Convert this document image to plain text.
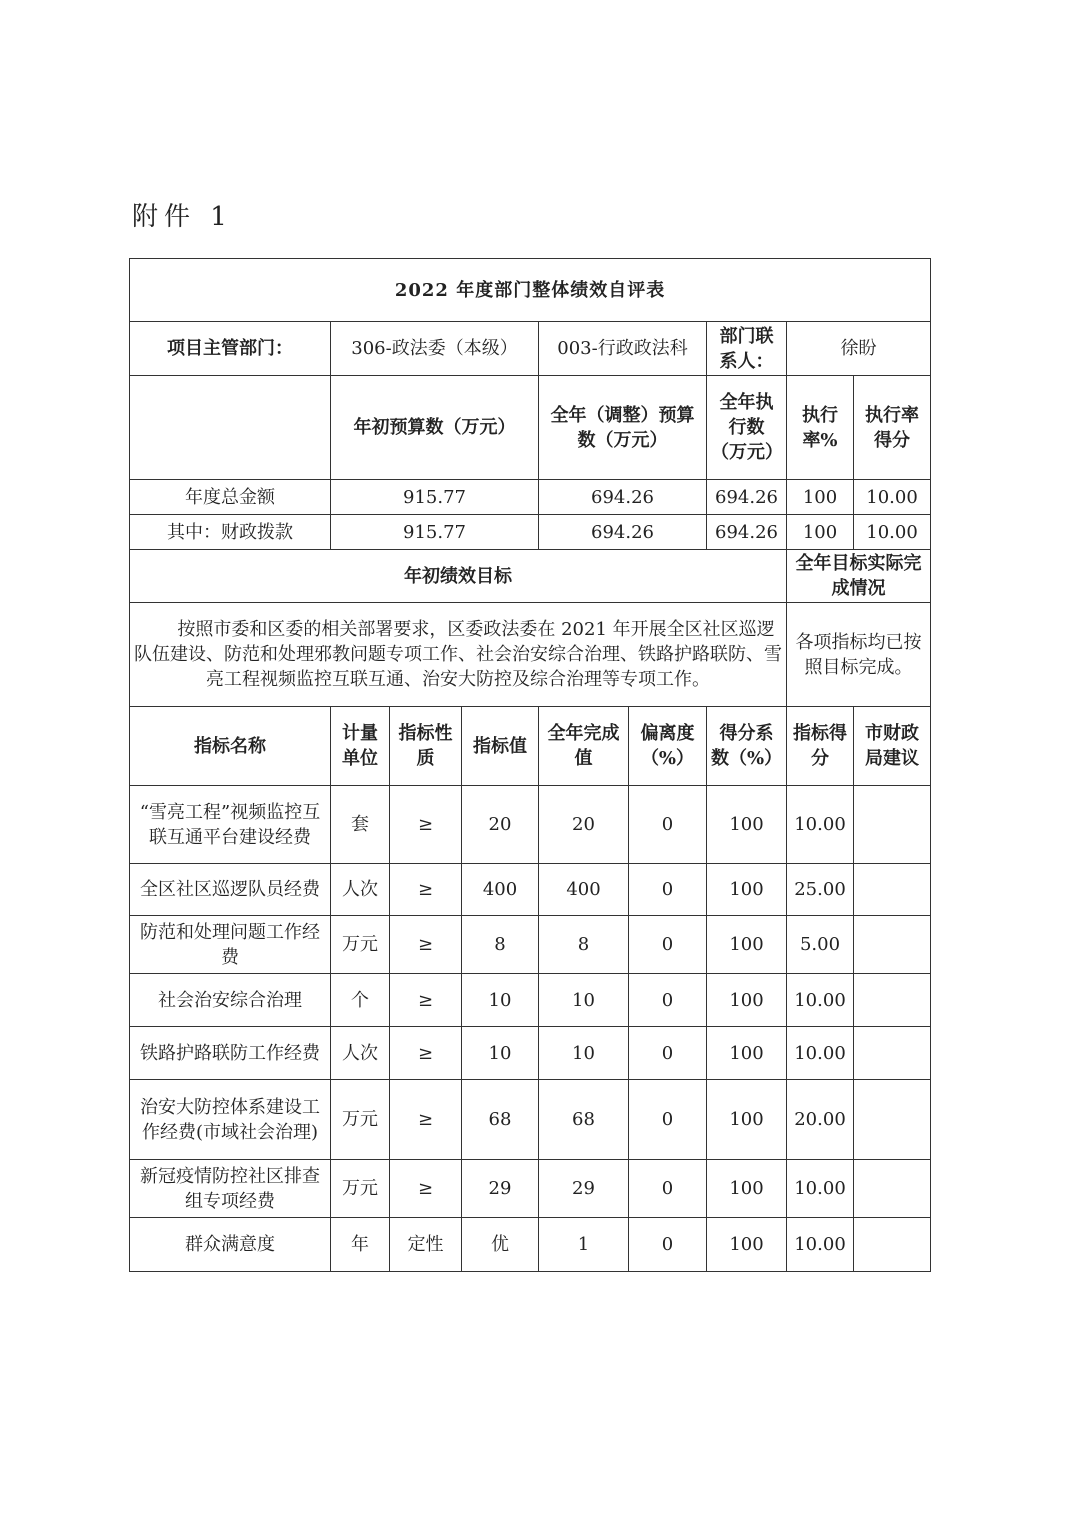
附件 1
2022 年度部门整体绩效自评表								
项目主管部门：	306-政法委（本级）			003-行政政法科		部门联系人：	徐盼	
	年初预算数（万元）			全年（调整）预算数（万元）		全年执行数（万元）	执行率%	执行率得分
年度总金额	915.77			694.26		694.26	100	10.00
其中：财政拨款	915.77			694.26		694.26	100	10.00
年初绩效目标							全年目标实际完成情况	
按照市委和区委的相关部署要求，区委政法委在 2021 年开展全区社区巡逻队伍建设、防范和处理邪教问题专项工作、社会治安综合治理、铁路护路联防、雪亮工程视频监控互联互通、治安大防控及综合治理等专项工作。							各项指标均已按照目标完成。	
指标名称	计量单位	指标性质	指标值	全年完成值	偏离度（%）	得分系数（%）	指标得分	市财政局建议
“雪亮工程”视频监控互联互通平台建设经费	套	≥	20	20	0	100	10.00	
全区社区巡逻队员经费	人次	≥	400	400	0	100	25.00	
防范和处理问题工作经费	万元	≥	8	8	0	100	5.00	
社会治安综合治理	个	≥	10	10	0	100	10.00	
铁路护路联防工作经费	人次	≥	10	10	0	100	10.00	
治安大防控体系建设工作经费(市域社会治理)	万元	≥	68	68	0	100	20.00	
新冠疫情防控社区排查组专项经费	万元	≥	29	29	0	100	10.00	
群众满意度	年	定性	优	1	0	100	10.00	
